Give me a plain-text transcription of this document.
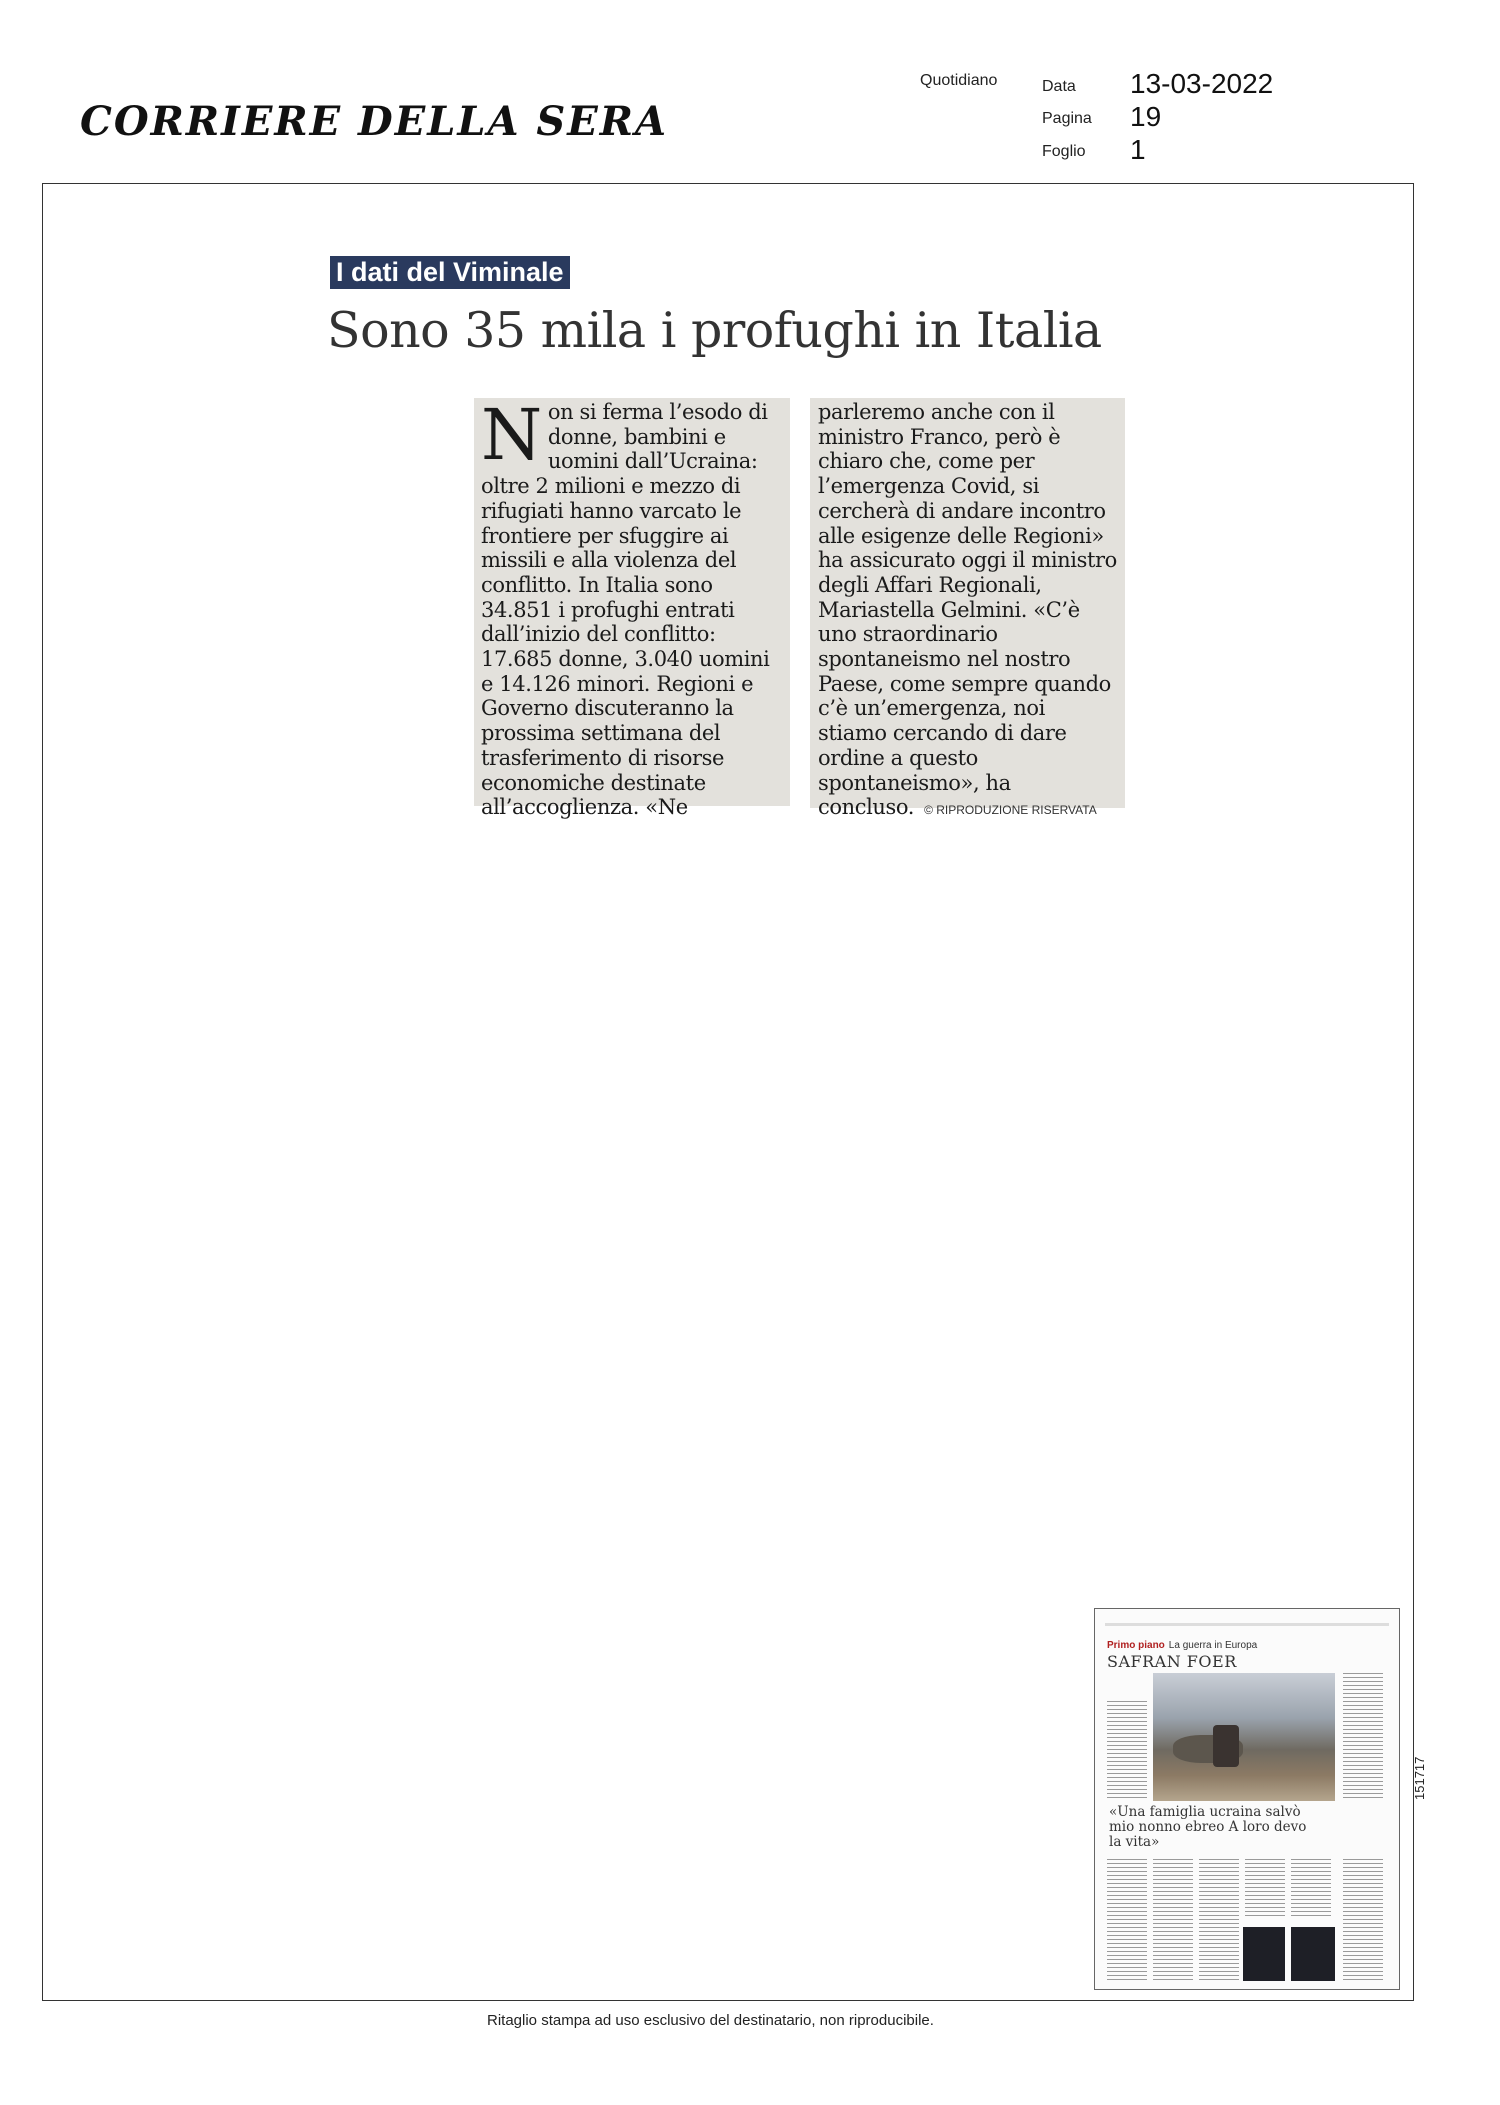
CORRIERE DELLA SERA
Quotidiano	Data 13-03-2022
Pagina 19
Foglio 1
I dati del Viminale
Sono 35 mila i profughi in Italia
Non si ferma l’esodo di donne, bambini e uomini dall’Ucraina: oltre 2 milioni e mezzo di rifugiati hanno varcato le frontiere per sfuggire ai missili e alla violenza del conflitto. In Italia sono 34.851 i profughi entrati dall’inizio del conflitto: 17.685 donne, 3.040 uomini e 14.126 minori. Regioni e Governo discuteranno la prossima settimana del trasferimento di risorse economiche destinate all’accoglienza. «Ne
parleremo anche con il ministro Franco, però è chiaro che, come per l’emergenza Covid, si cercherà di andare incontro alle esigenze delle Regioni» ha assicurato oggi il ministro degli Affari Regionali, Mariastella Gelmini. «C’è uno straordinario spontaneismo nel nostro Paese, come sempre quando c’è un’emergenza, noi stiamo cercando di dare ordine a questo spontaneismo», ha concluso. © RIPRODUZIONE RISERVATA
Primo piano La guerra in Europa
SAFRAN FOER
«Una famiglia ucraina salvò mio nonno ebreo A loro devo la vita»
151717
Ritaglio stampa ad uso esclusivo del destinatario, non riproducibile.
